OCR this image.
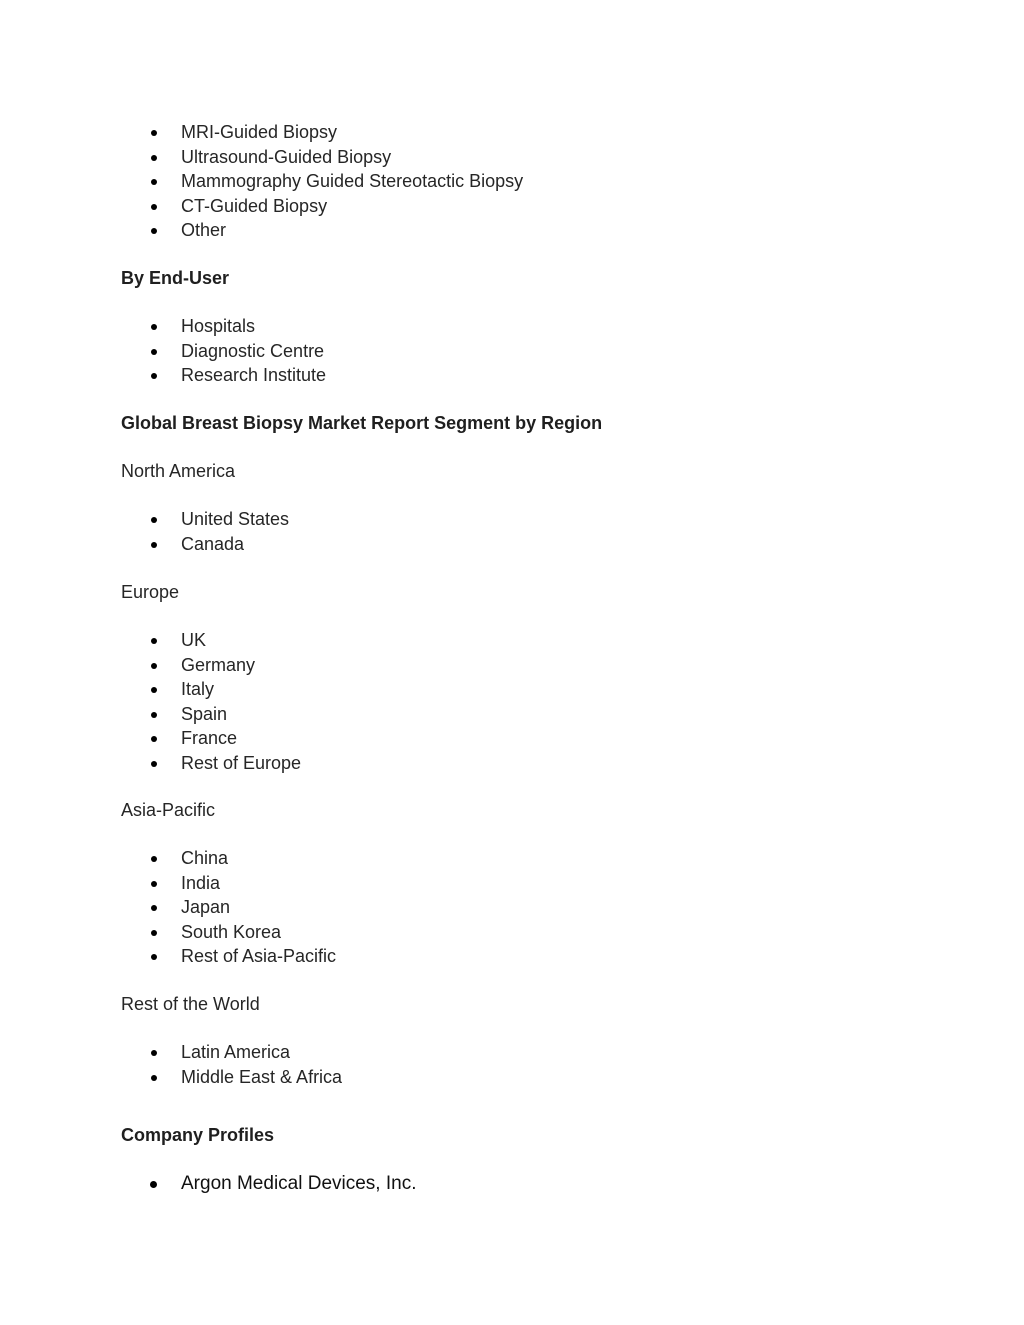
MRI-Guided Biopsy
Ultrasound-Guided Biopsy
Mammography Guided Stereotactic Biopsy
CT-Guided Biopsy
Other
By End-User
Hospitals
Diagnostic Centre
Research Institute
Global Breast Biopsy Market Report Segment by Region
North America
United States
Canada
Europe
UK
Germany
Italy
Spain
France
Rest of Europe
Asia-Pacific
China
India
Japan
South Korea
Rest of Asia-Pacific
Rest of the World
Latin America
Middle East & Africa
Company Profiles
Argon Medical Devices, Inc.
